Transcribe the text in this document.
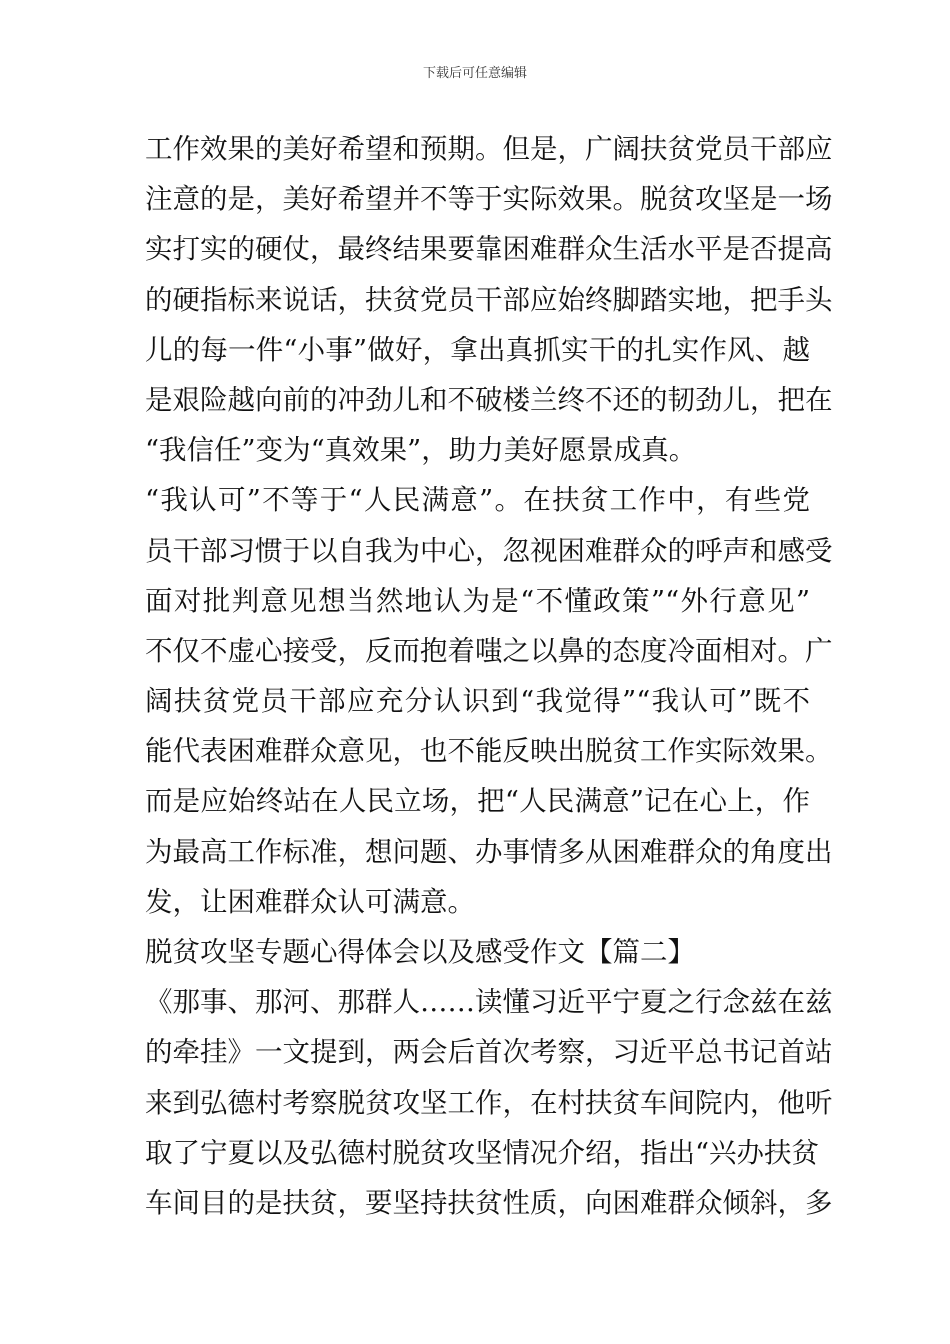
下载后可任意编辑
工作效果的美好希望和预期。但是，广阔扶贫党员干部应
注意的是，美好希望并不等于实际效果。脱贫攻坚是一场
实打实的硬仗，最终结果要靠困难群众生活水平是否提高
的硬指标来说话，扶贫党员干部应始终脚踏实地，把手头
儿的每一件“小事”做好，拿出真抓实干的扎实作风、越
是艰险越向前的冲劲儿和不破楼兰终不还的韧劲儿，把在
“我信任”变为“真效果”，助力美好愿景成真。
“我认可”不等于“人民满意”。在扶贫工作中，有些党
员干部习惯于以自我为中心，忽视困难群众的呼声和感受
面对批判意见想当然地认为是“不懂政策”“外行意见”
不仅不虚心接受，反而抱着嗤之以鼻的态度冷面相对。广
阔扶贫党员干部应充分认识到“我觉得”“我认可”既不
能代表困难群众意见，也不能反映出脱贫工作实际效果。
而是应始终站在人民立场，把“人民满意”记在心上，作
为最高工作标准，想问题、办事情多从困难群众的角度出
发，让困难群众认可满意。
脱贫攻坚专题心得体会以及感受作文【篇二】
《那事、那河、那群人……读懂习近平宁夏之行念兹在兹
的牵挂》一文提到，两会后首次考察，习近平总书记首站
来到弘德村考察脱贫攻坚工作，在村扶贫车间院内，他听
取了宁夏以及弘德村脱贫攻坚情况介绍，指出“兴办扶贫
车间目的是扶贫，要坚持扶贫性质，向困难群众倾斜，多
